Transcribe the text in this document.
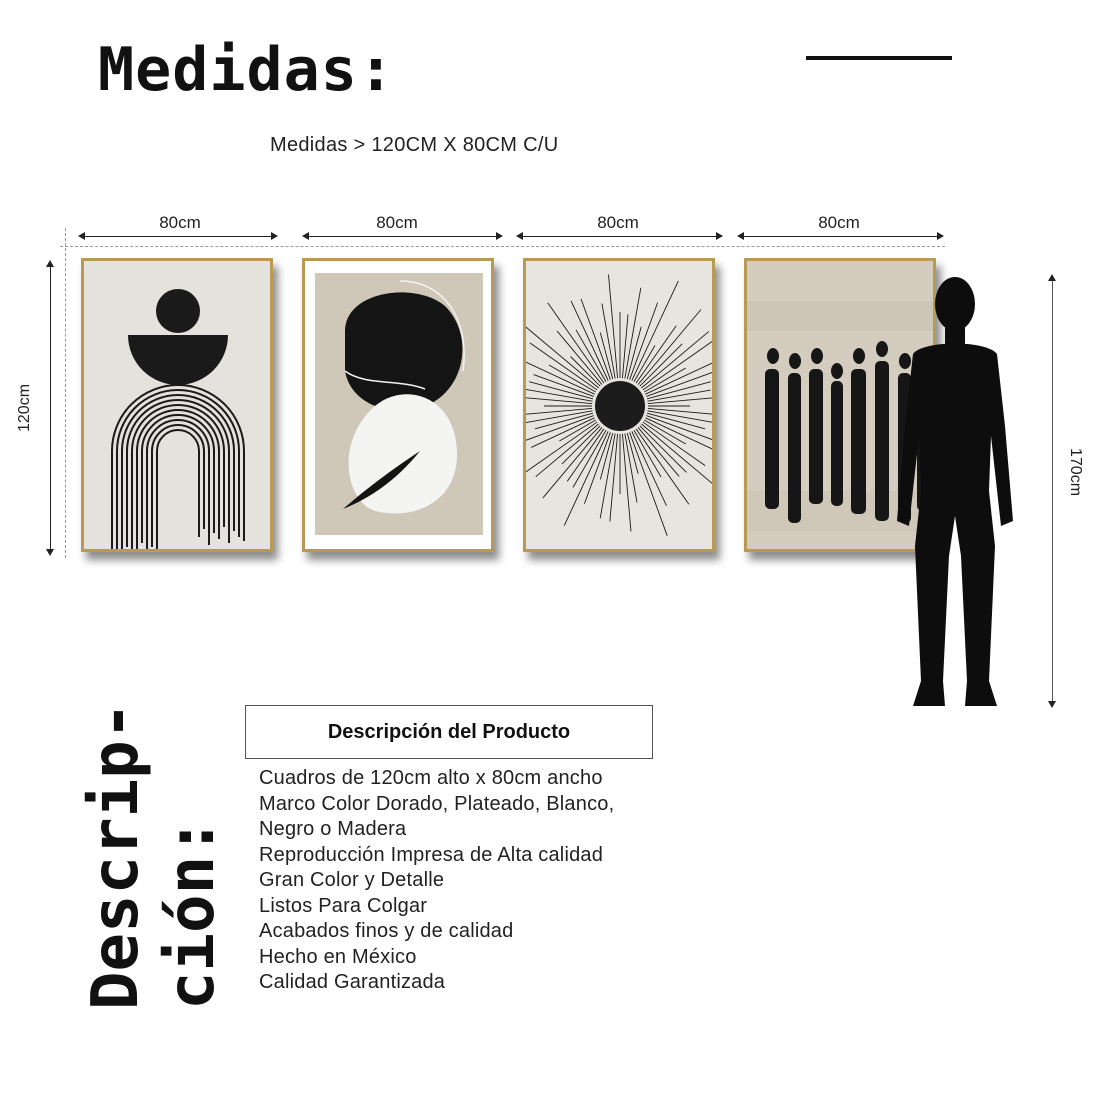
Medidas:
Medidas > 120CM X 80CM C/U
80cm	80cm	80cm	80cm
120cm
170cm
Descrip- ción:
Descripción del Producto
Cuadros de 120cm alto x 80cm ancho
Marco Color Dorado, Plateado, Blanco,
Negro o Madera
Reproducción Impresa de Alta calidad
Gran Color y Detalle
Listos Para Colgar
Acabados finos y de calidad
Hecho en México
Calidad Garantizada
